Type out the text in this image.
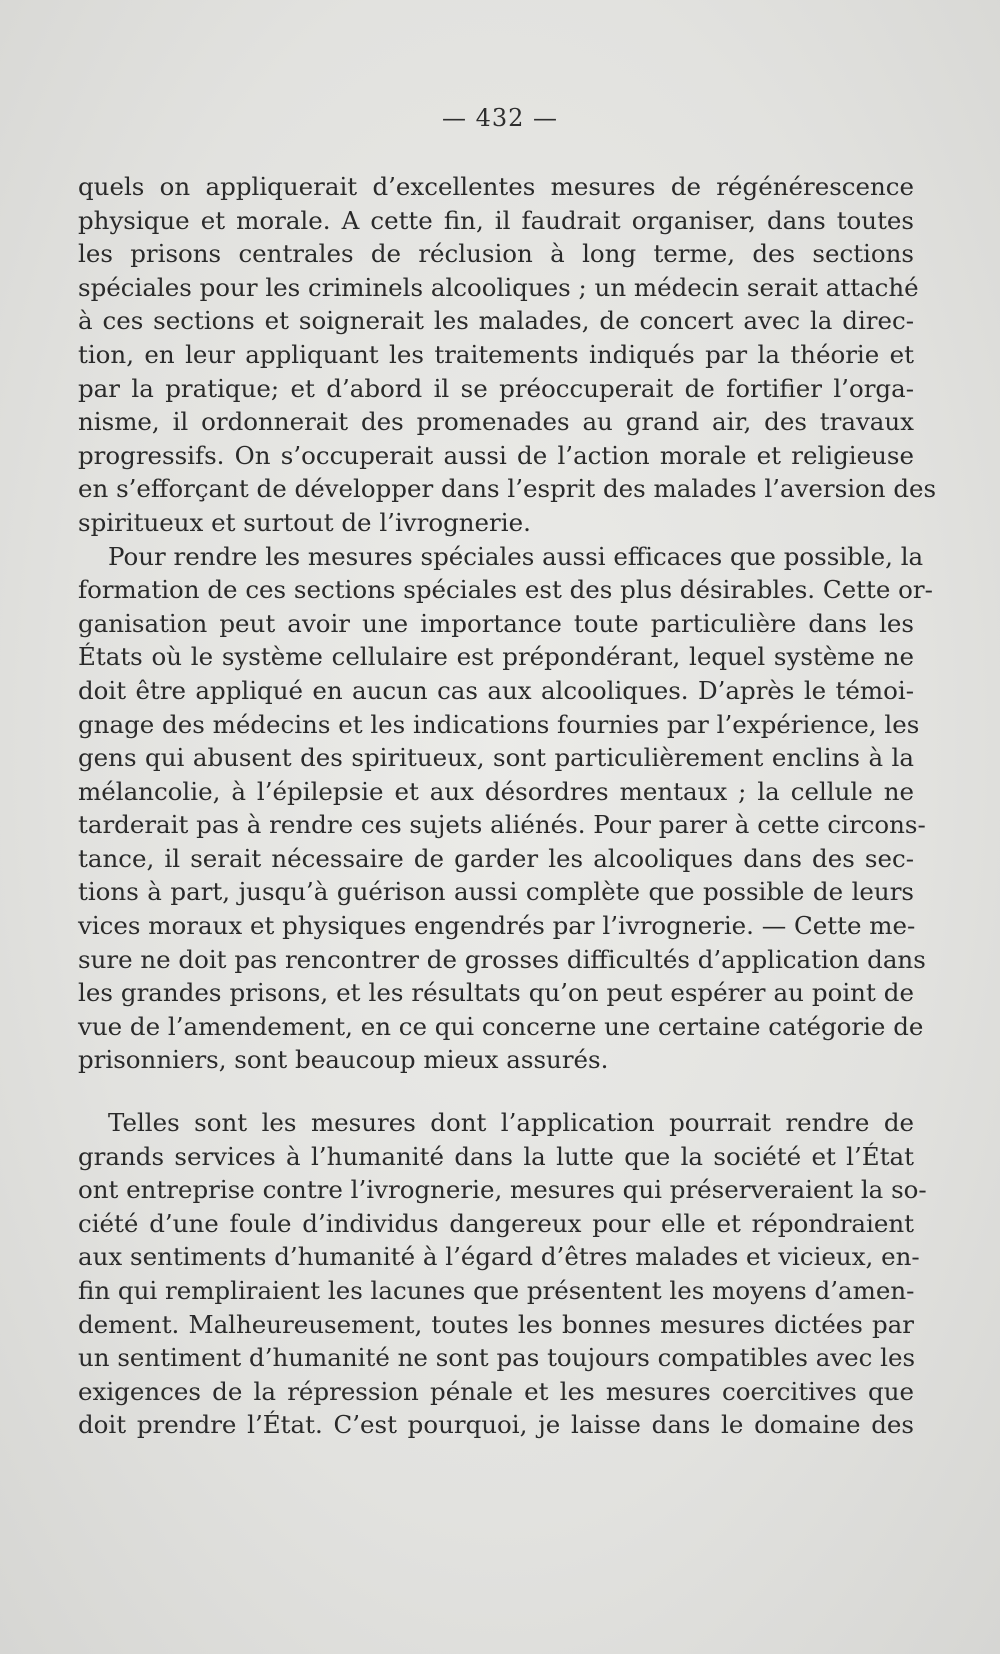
— 432 —
quels on appliquerait d’excellentes mesures de régénérescence
physique et morale. A cette fin, il faudrait organiser, dans toutes
les prisons centrales de réclusion à long terme, des sections
spéciales pour les criminels alcooliques ; un médecin serait attaché
à ces sections et soignerait les malades, de concert avec la direc-
tion, en leur appliquant les traitements indiqués par la théorie et
par la pratique; et d’abord il se préoccuperait de fortifier l’orga-
nisme, il ordonnerait des promenades au grand air, des travaux
progressifs. On s’occuperait aussi de l’action morale et religieuse
en s’efforçant de développer dans l’esprit des malades l’aversion des
spiritueux et surtout de l’ivrognerie.
Pour rendre les mesures spéciales aussi efficaces que possible, la
formation de ces sections spéciales est des plus désirables. Cette or-
ganisation peut avoir une importance toute particulière dans les
États où le système cellulaire est prépondérant, lequel système ne
doit être appliqué en aucun cas aux alcooliques. D’après le témoi-
gnage des médecins et les indications fournies par l’expérience, les
gens qui abusent des spiritueux, sont particulièrement enclins à la
mélancolie, à l’épilepsie et aux désordres mentaux ; la cellule ne
tarderait pas à rendre ces sujets aliénés. Pour parer à cette circons-
tance, il serait nécessaire de garder les alcooliques dans des sec-
tions à part, jusqu’à guérison aussi complète que possible de leurs
vices moraux et physiques engendrés par l’ivrognerie. — Cette me-
sure ne doit pas rencontrer de grosses difficultés d’application dans
les grandes prisons, et les résultats qu’on peut espérer au point de
vue de l’amendement, en ce qui concerne une certaine catégorie de
prisonniers, sont beaucoup mieux assurés.
Telles sont les mesures dont l’application pourrait rendre de
grands services à l’humanité dans la lutte que la société et l’État
ont entreprise contre l’ivrognerie, mesures qui préserveraient la so-
ciété d’une foule d’individus dangereux pour elle et répondraient
aux sentiments d’humanité à l’égard d’êtres malades et vicieux, en-
fin qui rempliraient les lacunes que présentent les moyens d’amen-
dement. Malheureusement, toutes les bonnes mesures dictées par
un sentiment d’humanité ne sont pas toujours compatibles avec les
exigences de la répression pénale et les mesures coercitives que
doit prendre l’État. C’est pourquoi, je laisse dans le domaine des
